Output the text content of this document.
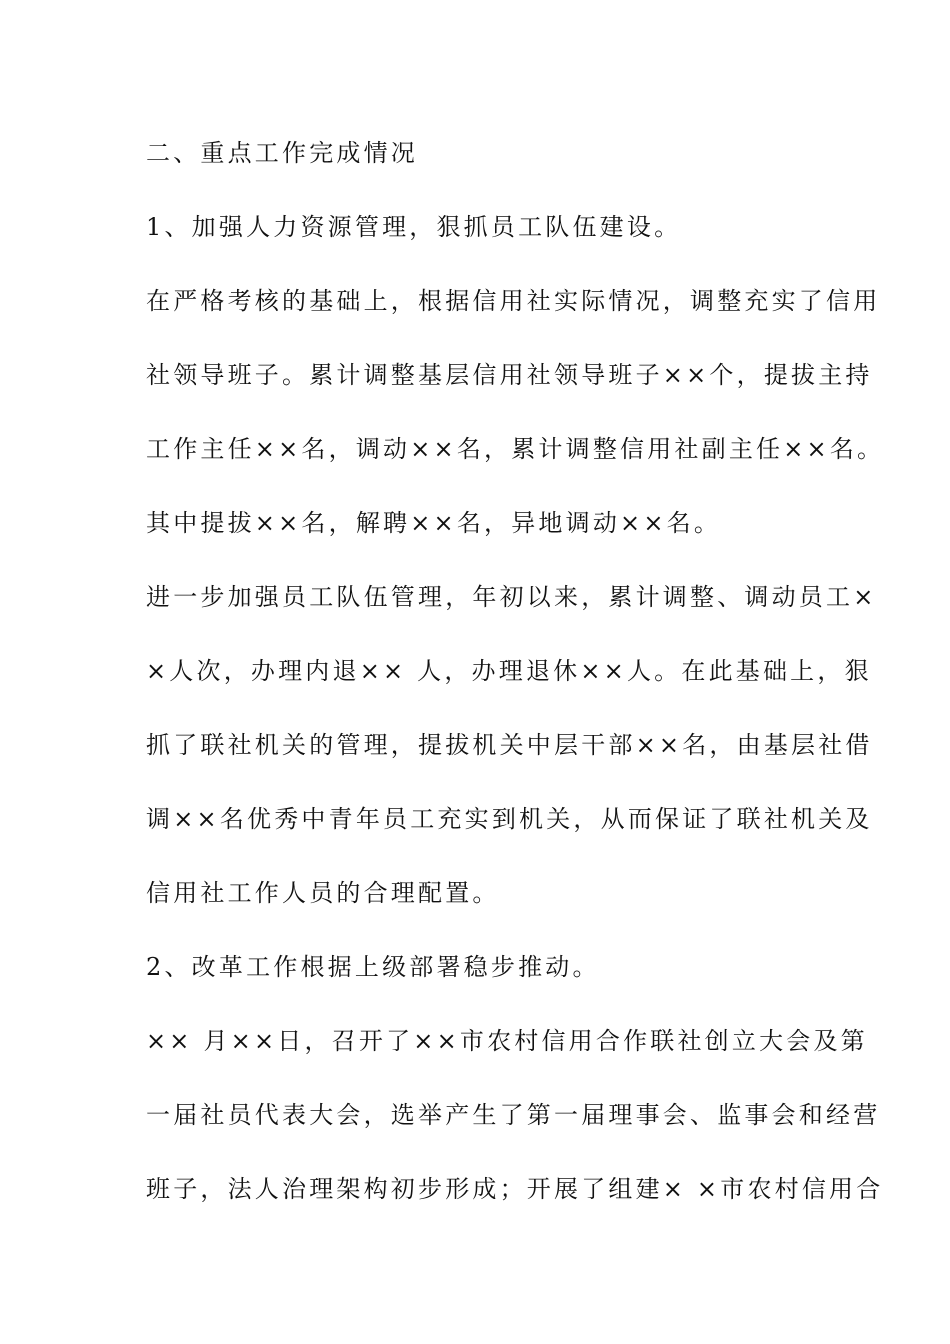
二、重点工作完成情况
1、加强人力资源管理，狠抓员工队伍建设。
在严格考核的基础上，根据信用社实际情况，调整充实了信用
社领导班子。累计调整基层信用社领导班子××个，提拔主持
工作主任××名，调动××名，累计调整信用社副主任××名。
其中提拔××名，解聘××名，异地调动××名。
进一步加强员工队伍管理，年初以来，累计调整、调动员工×
×人次，办理内退×× 人，办理退休××人。在此基础上，狠
抓了联社机关的管理，提拔机关中层干部××名，由基层社借
调××名优秀中青年员工充实到机关，从而保证了联社机关及
信用社工作人员的合理配置。
2、改革工作根据上级部署稳步推动。
×× 月××日，召开了××市农村信用合作联社创立大会及第
一届社员代表大会，选举产生了第一届理事会、监事会和经营
班子，法人治理架构初步形成；开展了组建× ×市农村信用合
